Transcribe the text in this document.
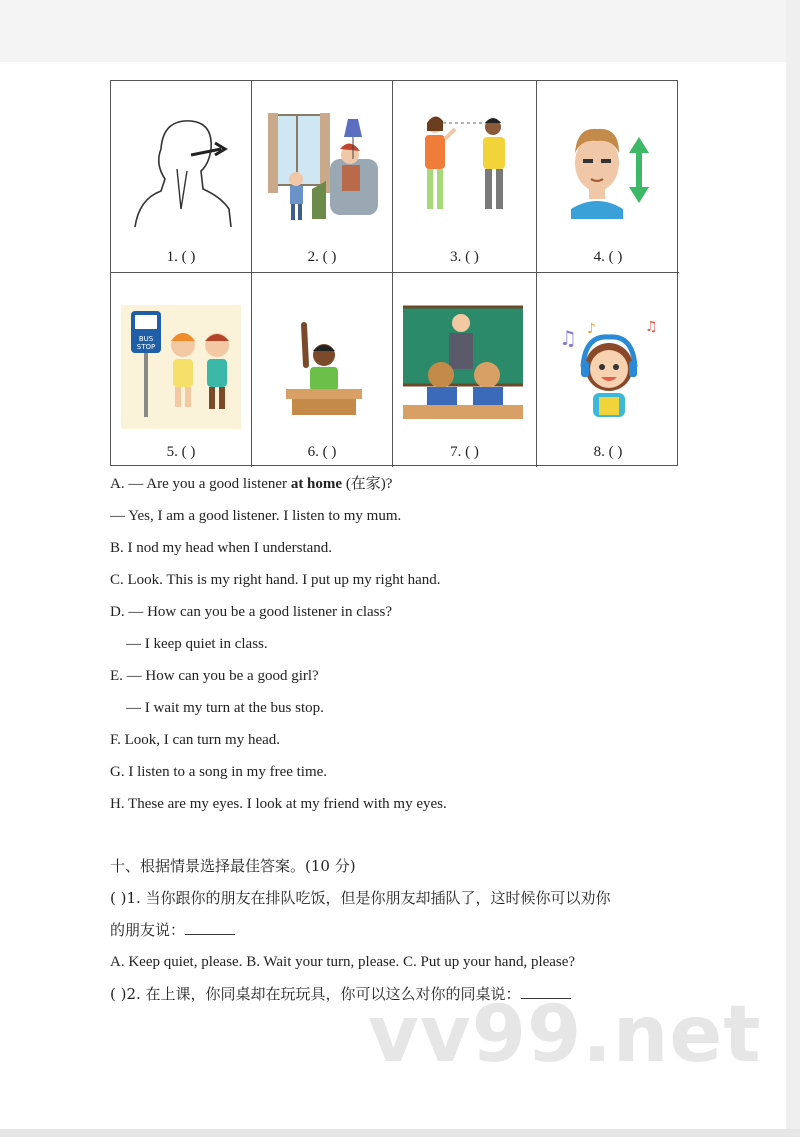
1. ( )	2. ( )	3. ( )	4. ( )
BUS
STOP
5. ( )	6. ( )	7. ( )
♫ ♪	♫
8. ( )
A. — Are you a good listener at home (在家)?
— Yes, I am a good listener. I listen to my mum.
B. I nod my head when I understand.
C. Look. This is my right hand. I put up my right hand.
D. — How can you be a good listener in class?
— I keep quiet in class.
E. — How can you be a good girl?
— I wait my turn at the bus stop.
F. Look, I can turn my head.
G. I listen to a song in my free time.
H. These are my eyes. I look at my friend with my eyes.
十、根据情景选择最佳答案。(10 分)
( )1. 当你跟你的朋友在排队吃饭，但是你朋友却插队了，这时候你可以劝你
的朋友说：
A. Keep quiet, please. B. Wait your turn, please. C. Put up your hand, please?
( )2. 在上课，你同桌却在玩玩具，你可以这么对你的同桌说：
vv99.net
